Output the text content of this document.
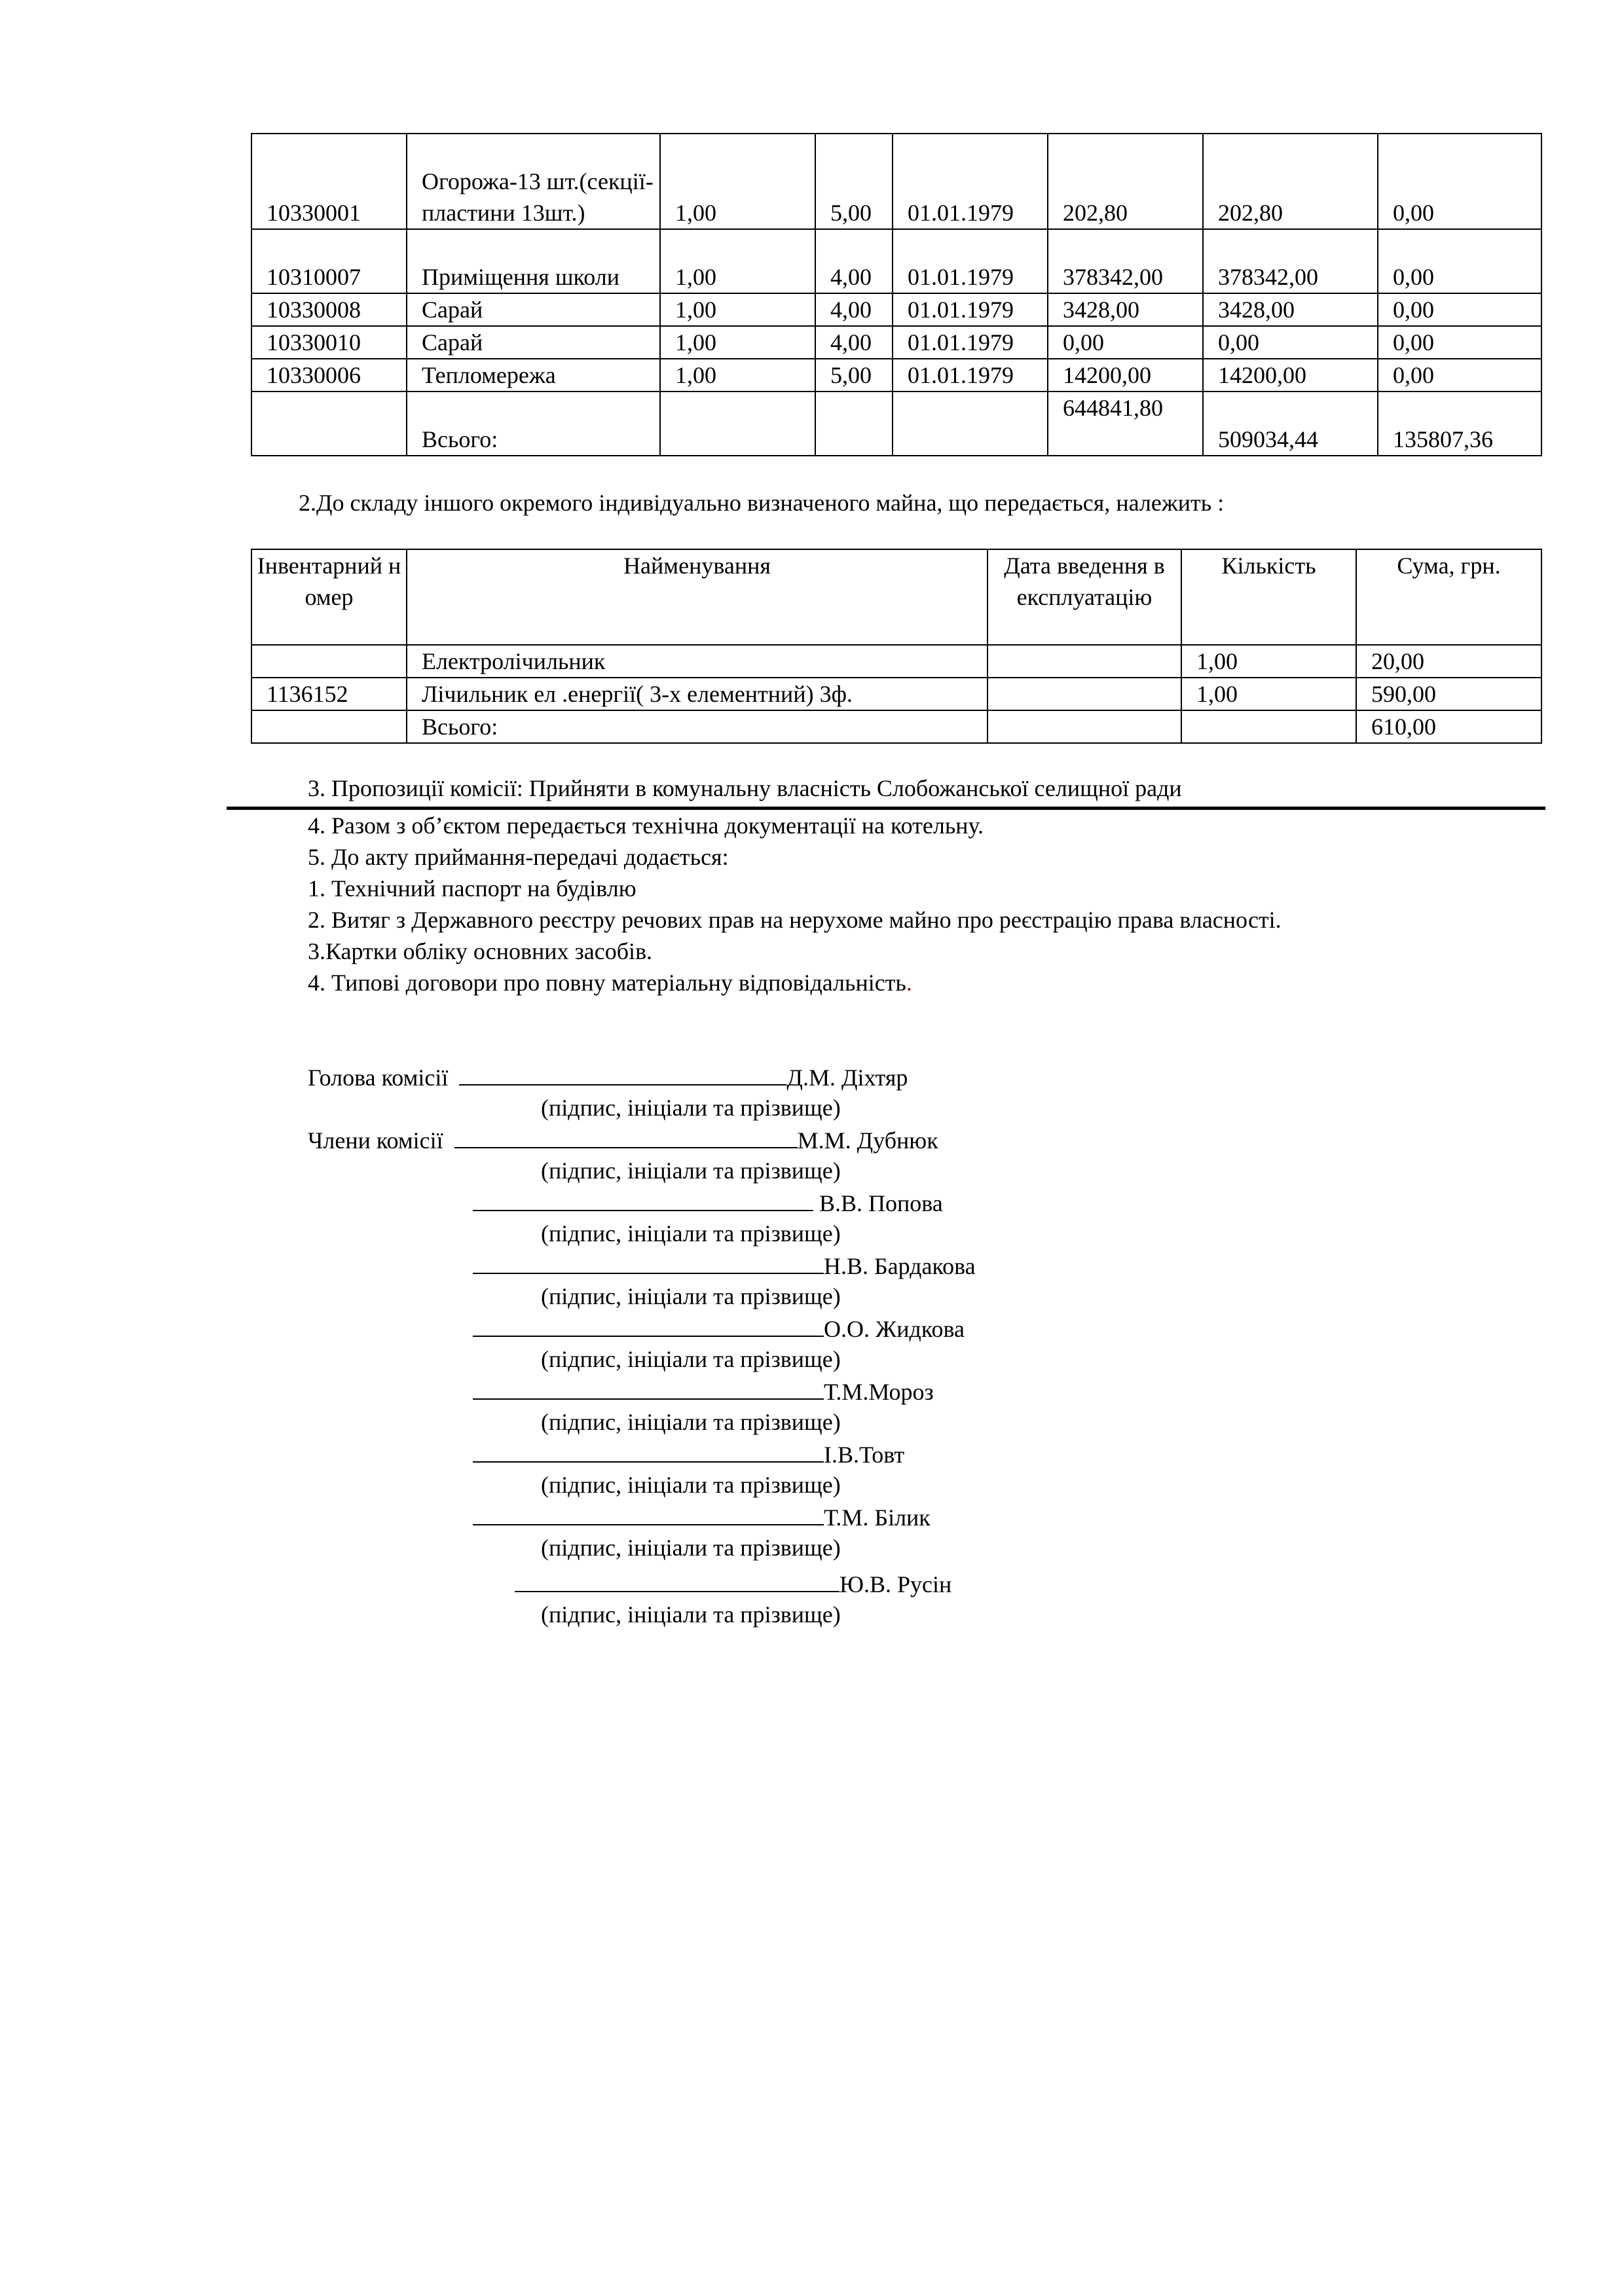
10330001	Огорожа-13 шт.(секції-пластини 13шт.)	1,00	5,00	01.01.1979	202,80	202,80	0,00
10310007	Приміщення школи	1,00	4,00	01.01.1979	378342,00	378342,00	0,00
10330008	Сарай	1,00	4,00	01.01.1979	3428,00	3428,00	0,00
10330010	Сарай	1,00	4,00	01.01.1979	0,00	0,00	0,00
10330006	Тепломережа	1,00	5,00	01.01.1979	14200,00	14200,00	0,00
	Всього:				644841,80	509034,44	135807,36
2.До складу іншого окремого індивідуально визначеного майна, що передається, належить :
Інвентарний номер	Найменування	Дата введення в експлуатацію	Кількість	Сума, грн.
	Електролічильник		1,00	20,00
1136152	Лічильник ел .енергії( 3-х елементний) 3ф.		1,00	590,00
	Всього:			610,00
3. Пропозиції комісії: Прийняти в комунальну власність Слобожанської селищної ради
4. Разом з об’єктом передається технічна документації на котельну.
5. До акту приймання-передачі додається:
1. Технічний паспорт на будівлю
2. Витяг з Державного реєстру речових прав на нерухоме майно про реєстрацію права власності.
3.Картки обліку основних засобів.
4. Типові договори про повну матеріальну відповідальність.
Голова комісії	Д.М. Діхтяр
(підпис, ініціали та прізвище)
Члени комісії	М.М. Дубнюк
(підпис, ініціали та прізвище)
В.В. Попова
(підпис, ініціали та прізвище)
Н.В. Бардакова
(підпис, ініціали та прізвище)
О.О. Жидкова
(підпис, ініціали та прізвище)
Т.М.Мороз
(підпис, ініціали та прізвище)
І.В.Товт
(підпис, ініціали та прізвище)
Т.М. Білик
(підпис, ініціали та прізвище)
Ю.В. Русін
(підпис, ініціали та прізвище)
